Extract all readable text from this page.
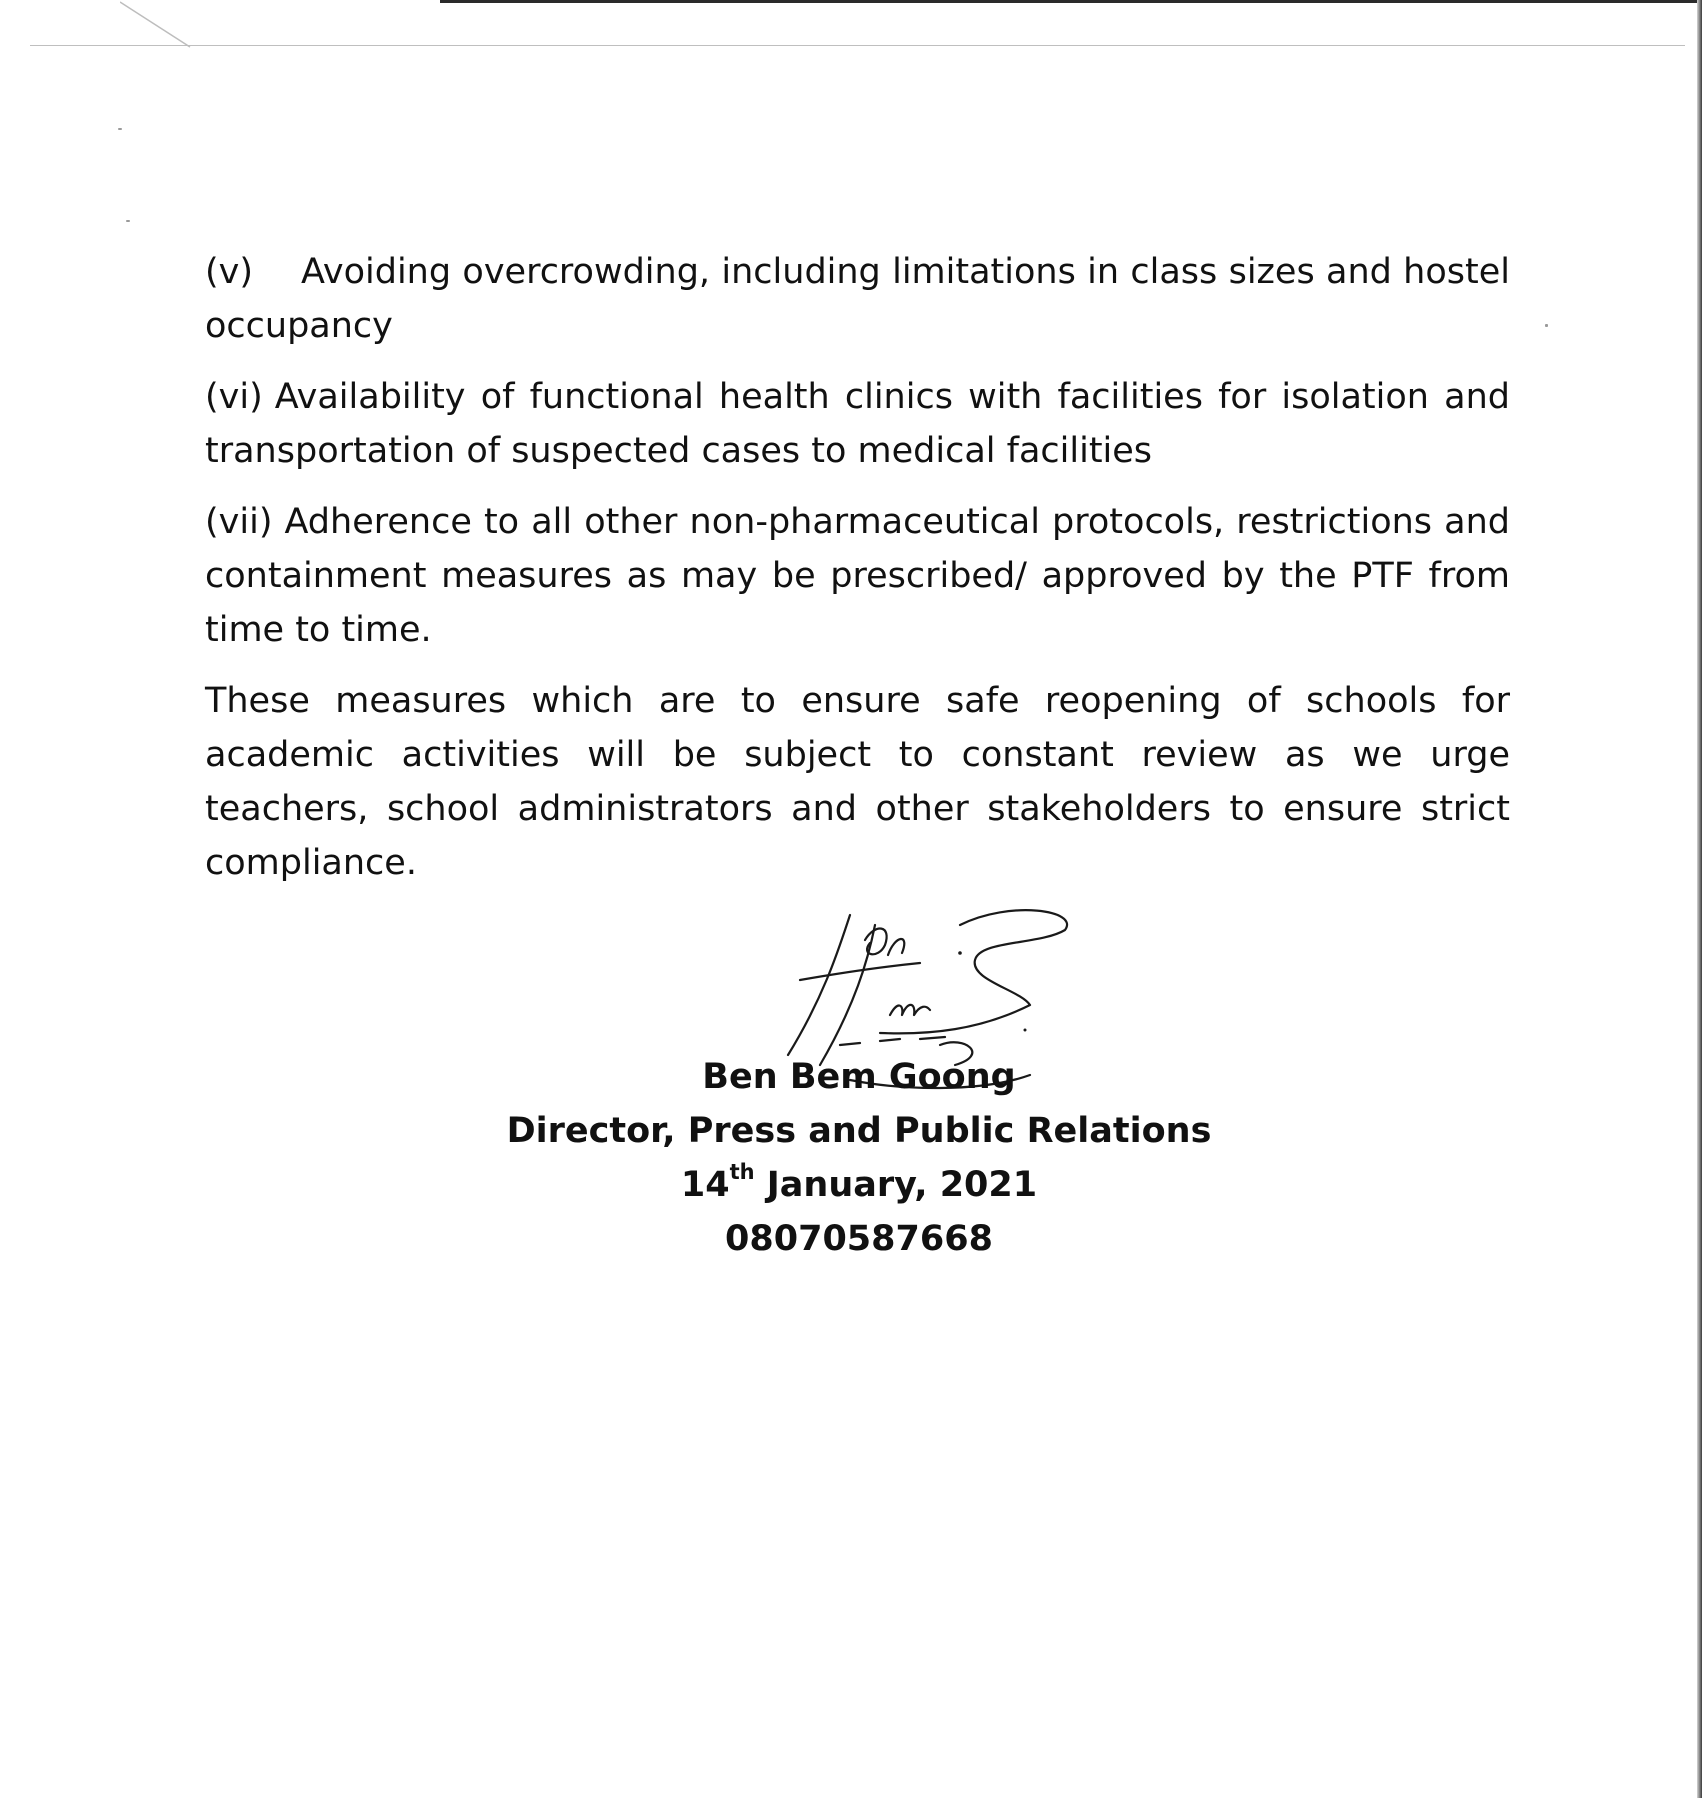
(v) Avoiding overcrowding, including limitations in class sizes and hostel occupancy

(vi) Availability of functional health clinics with facilities for isolation and transportation of suspected cases to medical facilities

(vii) Adherence to all other non-pharmaceutical protocols, restrictions and containment measures as may be prescribed/ approved by the PTF from time to time.

These measures which are to ensure safe reopening of schools for academic activities will be subject to constant review as we urge teachers, school administrators and other stakeholders to ensure strict compliance.

Ben Bem Goong
Director, Press and Public Relations
14th January, 2021
08070587668
